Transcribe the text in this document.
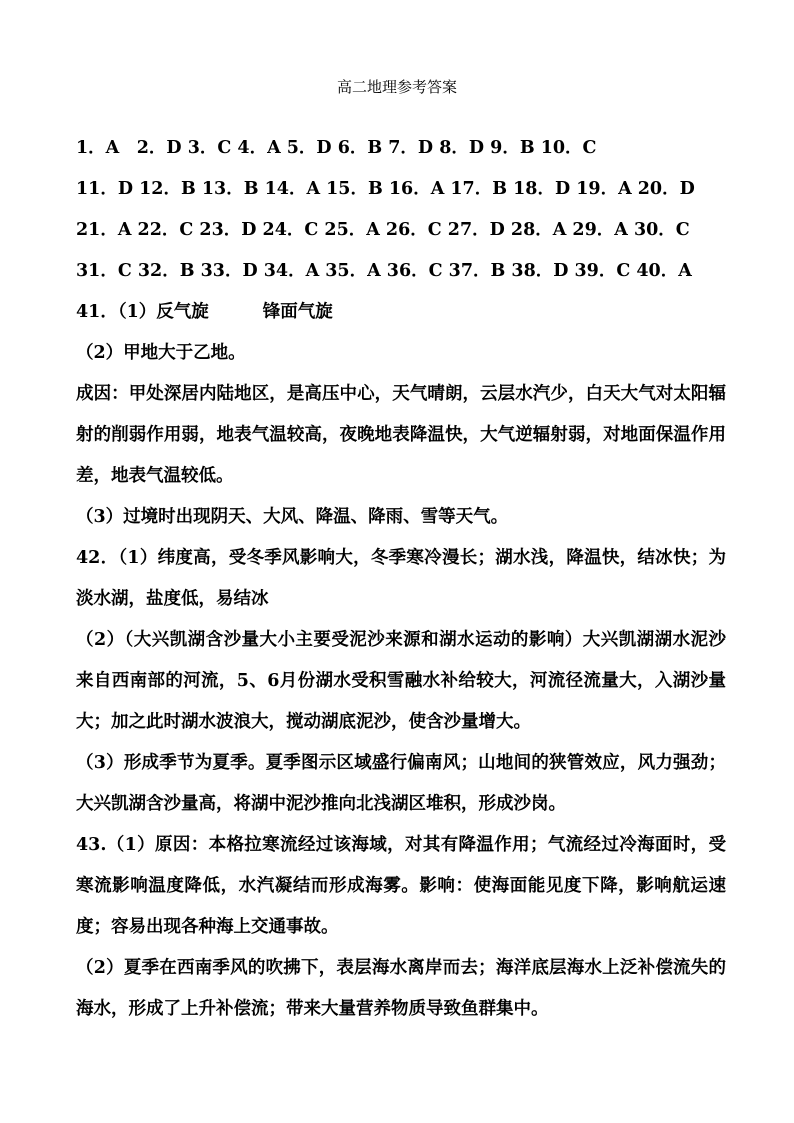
高二地理参考答案
1．A　2．D 3．C 4．A 5．D 6．B 7．D 8．D 9．B 10．C
11．D 12．B 13．B 14．A 15．B 16．A 17．B 18．D 19．A 20．D
21．A 22．C 23．D 24．C 25．A 26．C 27．D 28．A 29．A 30．C
31．C 32．B 33．D 34．A 35．A 36．C 37．B 38．D 39．C 40．A
41．（1）反气旋	锋面气旋
（2）甲地大于乙地。
成因：甲处深居内陆地区，是高压中心，天气晴朗，云层水汽少，白天大气对太阳辐射的削弱作用弱，地表气温较高，夜晚地表降温快，大气逆辐射弱，对地面保温作用差，地表气温较低。
（3）过境时出现阴天、大风、降温、降雨、雪等天气。
42．（1）纬度高，受冬季风影响大，冬季寒冷漫长；湖水浅，降温快，结冰快；为淡水湖，盐度低，易结冰
（2）（大兴凯湖含沙量大小主要受泥沙来源和湖水运动的影响）大兴凯湖湖水泥沙来自西南部的河流，5、6月份湖水受积雪融水补给较大，河流径流量大，入湖沙量大；加之此时湖水波浪大，搅动湖底泥沙，使含沙量增大。
（3）形成季节为夏季。夏季图示区域盛行偏南风；山地间的狭管效应，风力强劲；大兴凯湖含沙量高，将湖中泥沙推向北浅湖区堆积，形成沙岗。
43.（1）原因：本格拉寒流经过该海域，对其有降温作用；气流经过冷海面时，受寒流影响温度降低，水汽凝结而形成海雾。影响：使海面能见度下降，影响航运速度；容易出现各种海上交通事故。
（2）夏季在西南季风的吹拂下，表层海水离岸而去；海洋底层海水上泛补偿流失的海水，形成了上升补偿流；带来大量营养物质导致鱼群集中。
